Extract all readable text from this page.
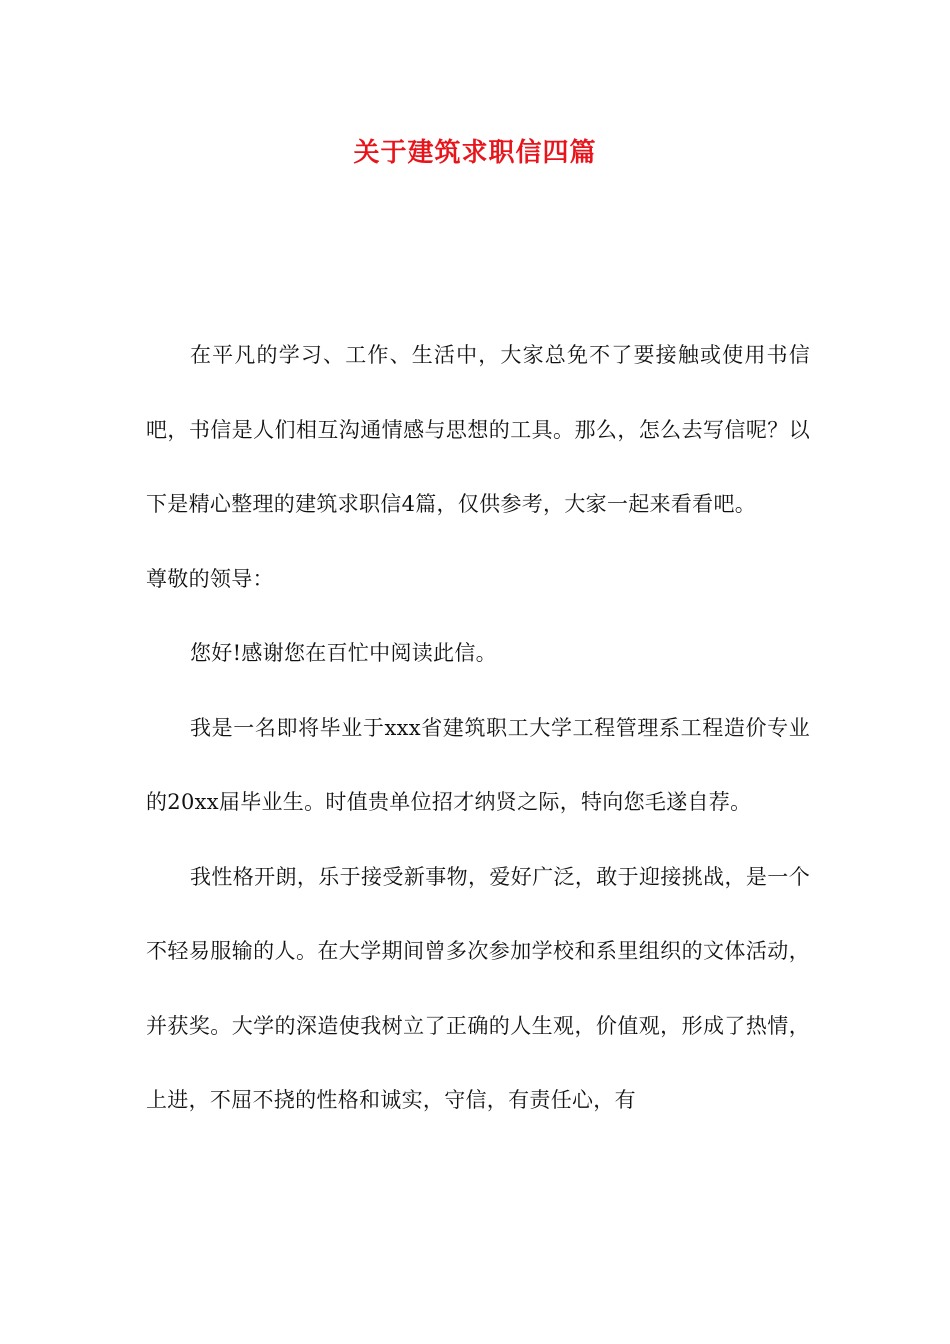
关于建筑求职信四篇

在平凡的学习、工作、生活中，大家总免不了要接触或使用书信吧，书信是人们相互沟通情感与思想的工具。那么，怎么去写信呢？以下是精心整理的建筑求职信4篇，仅供参考，大家一起来看看吧。

尊敬的领导：

您好!感谢您在百忙中阅读此信。

我是一名即将毕业于xxx省建筑职工大学工程管理系工程造价专业的20xx届毕业生。时值贵单位招才纳贤之际，特向您毛遂自荐。

我性格开朗，乐于接受新事物，爱好广泛，敢于迎接挑战，是一个不轻易服输的人。在大学期间曾多次参加学校和系里组织的文体活动，并获奖。大学的深造使我树立了正确的人生观，价值观，形成了热情，上进，不屈不挠的性格和诚实，守信，有责任心，有
